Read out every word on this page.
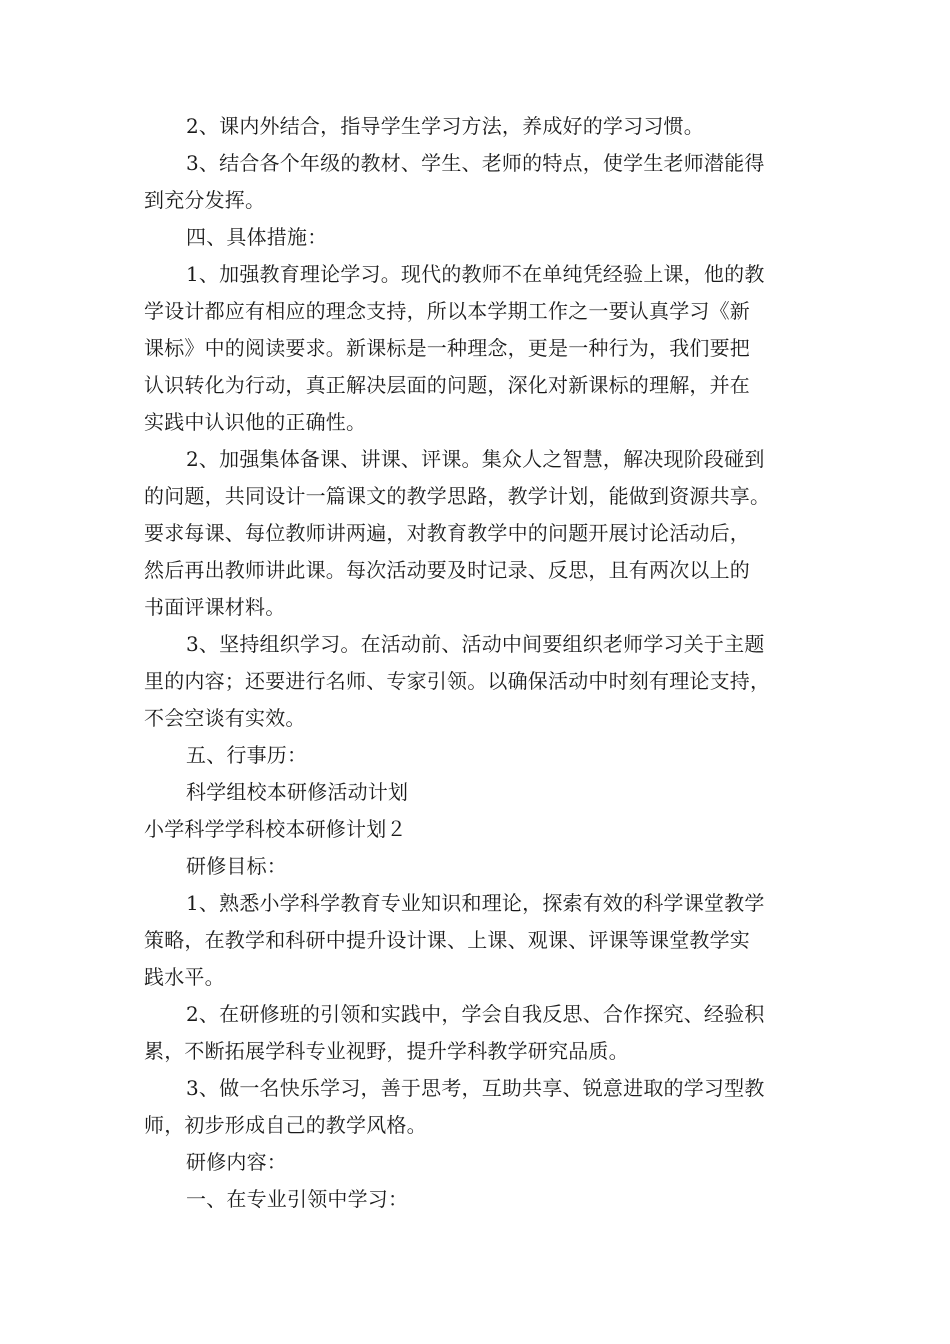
2、课内外结合，指导学生学习方法，养成好的学习习惯。
3、结合各个年级的教材、学生、老师的特点，使学生老师潜能得
到充分发挥。
四、具体措施：
1、加强教育理论学习。现代的教师不在单纯凭经验上课，他的教
学设计都应有相应的理念支持，所以本学期工作之一要认真学习《新
课标》中的阅读要求。新课标是一种理念，更是一种行为，我们要把
认识转化为行动，真正解决层面的问题，深化对新课标的理解，并在
实践中认识他的正确性。
2、加强集体备课、讲课、评课。集众人之智慧，解决现阶段碰到
的问题，共同设计一篇课文的教学思路，教学计划，能做到资源共享。
要求每课、每位教师讲两遍，对教育教学中的问题开展讨论活动后，
然后再出教师讲此课。每次活动要及时记录、反思，且有两次以上的
书面评课材料。
3、坚持组织学习。在活动前、活动中间要组织老师学习关于主题
里的内容；还要进行名师、专家引领。以确保活动中时刻有理论支持，
不会空谈有实效。
五、行事历：
科学组校本研修活动计划
小学科学学科校本研修计划２
研修目标：
1、熟悉小学科学教育专业知识和理论，探索有效的科学课堂教学
策略，在教学和科研中提升设计课、上课、观课、评课等课堂教学实
践水平。
2、在研修班的引领和实践中，学会自我反思、合作探究、经验积
累，不断拓展学科专业视野，提升学科教学研究品质。
3、做一名快乐学习，善于思考，互助共享、锐意进取的学习型教
师，初步形成自己的教学风格。
研修内容：
一、在专业引领中学习：
